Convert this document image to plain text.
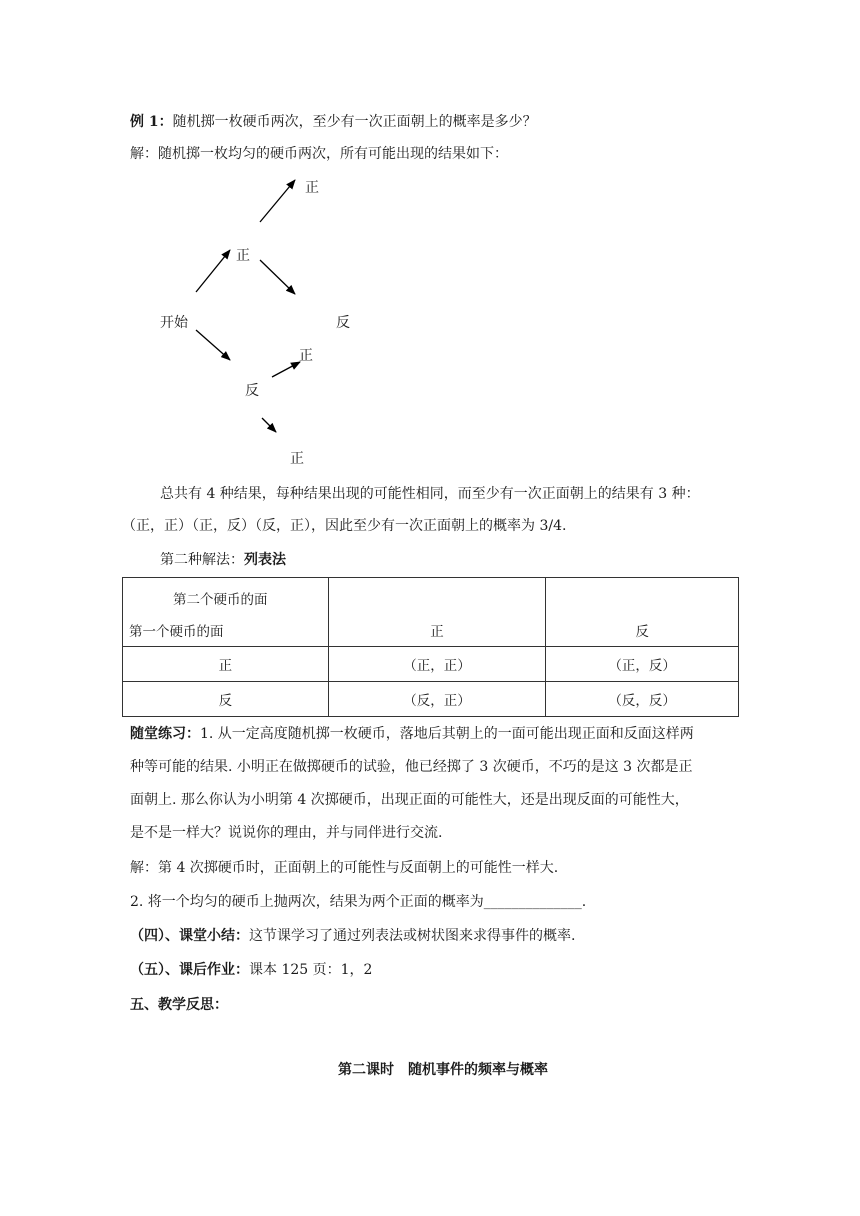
例 1：随机掷一枚硬币两次，至少有一次正面朝上的概率是多少？
解：随机掷一枚均匀的硬币两次，所有可能出现的结果如下：
正
正
开始	反
正
反
正
总共有 4 种结果，每种结果出现的可能性相同，而至少有一次正面朝上的结果有 3 种：
（正，正）（正，反）（反，正），因此至少有一次正面朝上的概率为 3/4.
第二种解法：列表法
第二个硬币的面
第一个硬币的面	正	反

正	（正，正）	（正，反）
反	（反，正）	（反，反）
随堂练习：1. 从一定高度随机掷一枚硬币，落地后其朝上的一面可能出现正面和反面这样两
种等可能的结果. 小明正在做掷硬币的试验，他已经掷了 3 次硬币，不巧的是这 3 次都是正
面朝上. 那么你认为小明第 4 次掷硬币，出现正面的可能性大，还是出现反面的可能性大，
是不是一样大？说说你的理由，并与同伴进行交流.
解：第 4 次掷硬币时，正面朝上的可能性与反面朝上的可能性一样大.
2. 将一个均匀的硬币上抛两次，结果为两个正面的概率为______________.
（四）、课堂小结：这节课学习了通过列表法或树状图来求得事件的概率.
（五）、课后作业：课本 125 页：1，2
五、教学反思：
第二课时　随机事件的频率与概率
